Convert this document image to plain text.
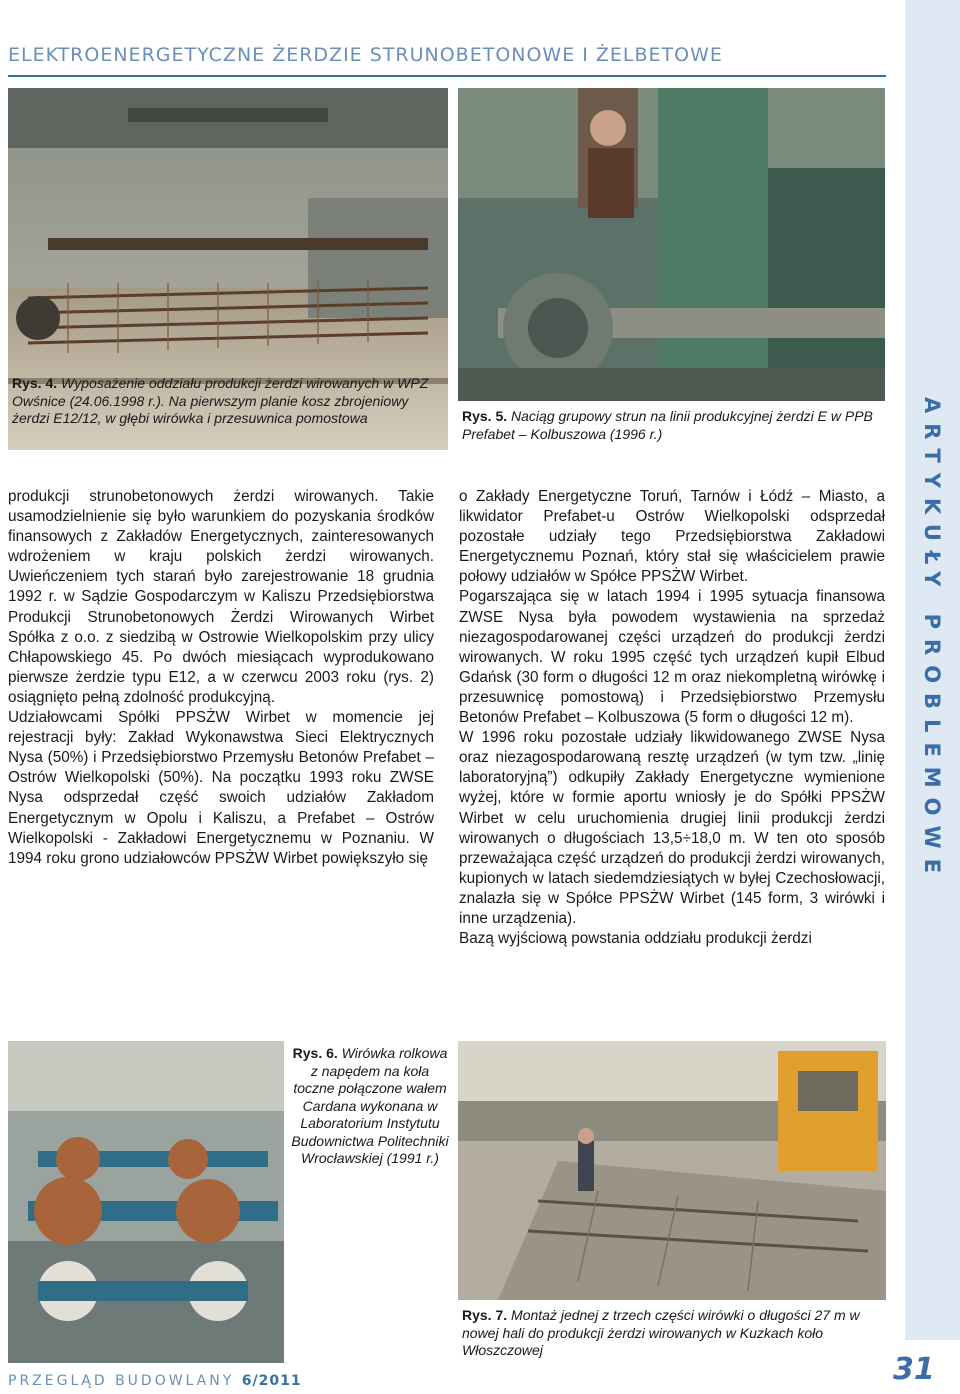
ELEKTROENERGETYCZNE ŻERDZIE STRUNOBETONOWE I ŻELBETOWE
ARTYKUŁY PROBLEMOWE
Rys. 4. Wyposażenie oddziału produkcji żerdzi wirowanych w WPZ Owśnice (24.06.1998 r.). Na pierwszym planie kosz zbrojeniowy żerdzi E12/12, w głębi wirówka i przesuwnica pomostowa	Rys. 5. Naciąg grupowy strun na linii produkcyjnej żerdzi E w PPB Prefabet – Kolbuszowa (1996 r.)

produkcji strunobetonowych żerdzi wirowanych. Takie usamodzielnienie się było warunkiem do pozyskania środków finansowych z Zakładów Energetycznych, zainteresowanych wdrożeniem w kraju polskich żerdzi wirowanych. Uwieńczeniem tych starań było zarejestrowanie 18 grudnia 1992 r. w Sądzie Gospodarczym w Kaliszu Przedsiębiorstwa Produkcji Strunobetonowych Żerdzi Wirowanych Wirbet Spółka z o.o. z siedzibą w Ostrowie Wielkopolskim przy ulicy Chłapowskiego 45. Po dwóch miesiącach wyprodukowano pierwsze żerdzie typu E12, a w czerwcu 2003 roku (rys. 2) osiągnięto pełną zdolność produkcyjną.

Udziałowcami Spółki PPSŻW Wirbet w momencie jej rejestracji były: Zakład Wykonawstwa Sieci Elektrycznych Nysa (50%) i Przedsiębiorstwo Przemysłu Betonów Prefabet – Ostrów Wielkopolski (50%). Na początku 1993 roku ZWSE Nysa odsprzedał część swoich udziałów Zakładom Energetycznym w Opolu i Kaliszu, a Prefabet – Ostrów Wielkopolski - Zakładowi Energetycznemu w Poznaniu. W 1994 roku grono udziałowców PPSŻW Wirbet powiększyło się

o Zakłady Energetyczne Toruń, Tarnów i Łódź – Miasto, a likwidator Prefabet-u Ostrów Wielkopolski odsprzedał pozostałe udziały tego Przedsiębiorstwa Zakładowi Energetycznemu Poznań, który stał się właścicielem prawie połowy udziałów w Spółce PPSŻW Wirbet.

Pogarszająca się w latach 1994 i 1995 sytuacja finansowa ZWSE Nysa była powodem wystawienia na sprzedaż niezagospodarowanej części urządzeń do produkcji żerdzi wirowanych. W roku 1995 część tych urządzeń kupił Elbud Gdańsk (30 form o długości 12 m oraz niekompletną wirówkę i przesuwnicę pomostową) i Przedsiębiorstwo Przemysłu Betonów Prefabet – Kolbuszowa (5 form o długości 12 m).

W 1996 roku pozostałe udziały likwidowanego ZWSE Nysa oraz niezagospodarowaną resztę urządzeń (w tym tzw. „linię laboratoryjną”) odkupiły Zakłady Energetyczne wymienione wyżej, które w formie aportu wniosły je do Spółki PPSŻW Wirbet w celu uruchomienia drugiej linii produkcji żerdzi wirowanych o długościach 13,5÷18,0 m. W ten oto sposób przeważająca część urządzeń do produkcji żerdzi wirowanych, kupionych w latach siedemdziesiątych w byłej Czechosłowacji, znalazła się w Spółce PPSŻW Wirbet (145 form, 3 wirówki i inne urządzenia).

Bazą wyjściową powstania oddziału produkcji żerdzi

Rys. 6. Wirówka rolkowa z napędem na koła toczne połączone wałem Cardana wykonana w Laboratorium Instytutu Budownictwa Politechniki Wrocławskiej (1991 r.)
Rys. 7. Montaż jednej z trzech części wirówki o długości 27 m w nowej hali do produkcji żerdzi wirowanych w Kuzkach koło Włoszczowej
PRZEGLĄD BUDOWLANY 6/2011	31
